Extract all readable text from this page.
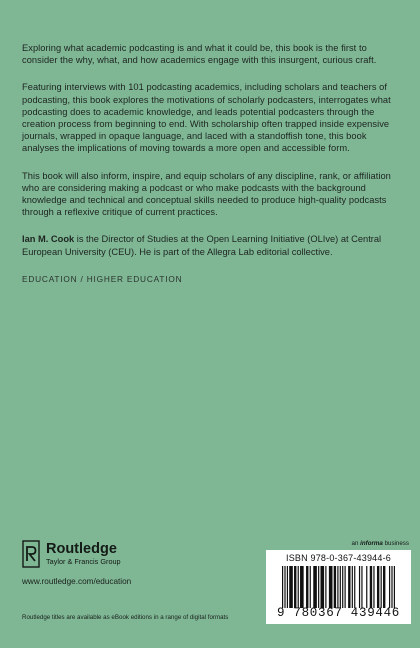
Exploring what academic podcasting is and what it could be, this book is the first to consider the why, what, and how academics engage with this insurgent, curious craft.

Featuring interviews with 101 podcasting academics, including scholars and teachers of podcasting, this book explores the motivations of scholarly podcasters, interrogates what podcasting does to academic knowledge, and leads potential podcasters through the creation process from beginning to end. With scholarship often trapped inside expensive journals, wrapped in opaque language, and laced with a standoffish tone, this book analyses the implications of moving towards a more open and accessible form.

This book will also inform, inspire, and equip scholars of any discipline, rank, or affiliation who are considering making a podcast or who make podcasts with the background knowledge and technical and conceptual skills needed to produce high-quality podcasts through a reflexive critique of current practices.

Ian M. Cook is the Director of Studies at the Open Learning Initiative (OLIve) at Central European University (CEU). He is part of the Allegra Lab editorial collective.

EDUCATION / HIGHER EDUCATION
Routledge
Taylor & Francis Group
www.routledge.com/education
Routledge titles are available as eBook editions in a range of digital formats
an informa business
ISBN 978-0-367-43944-6
9 780367 439446
